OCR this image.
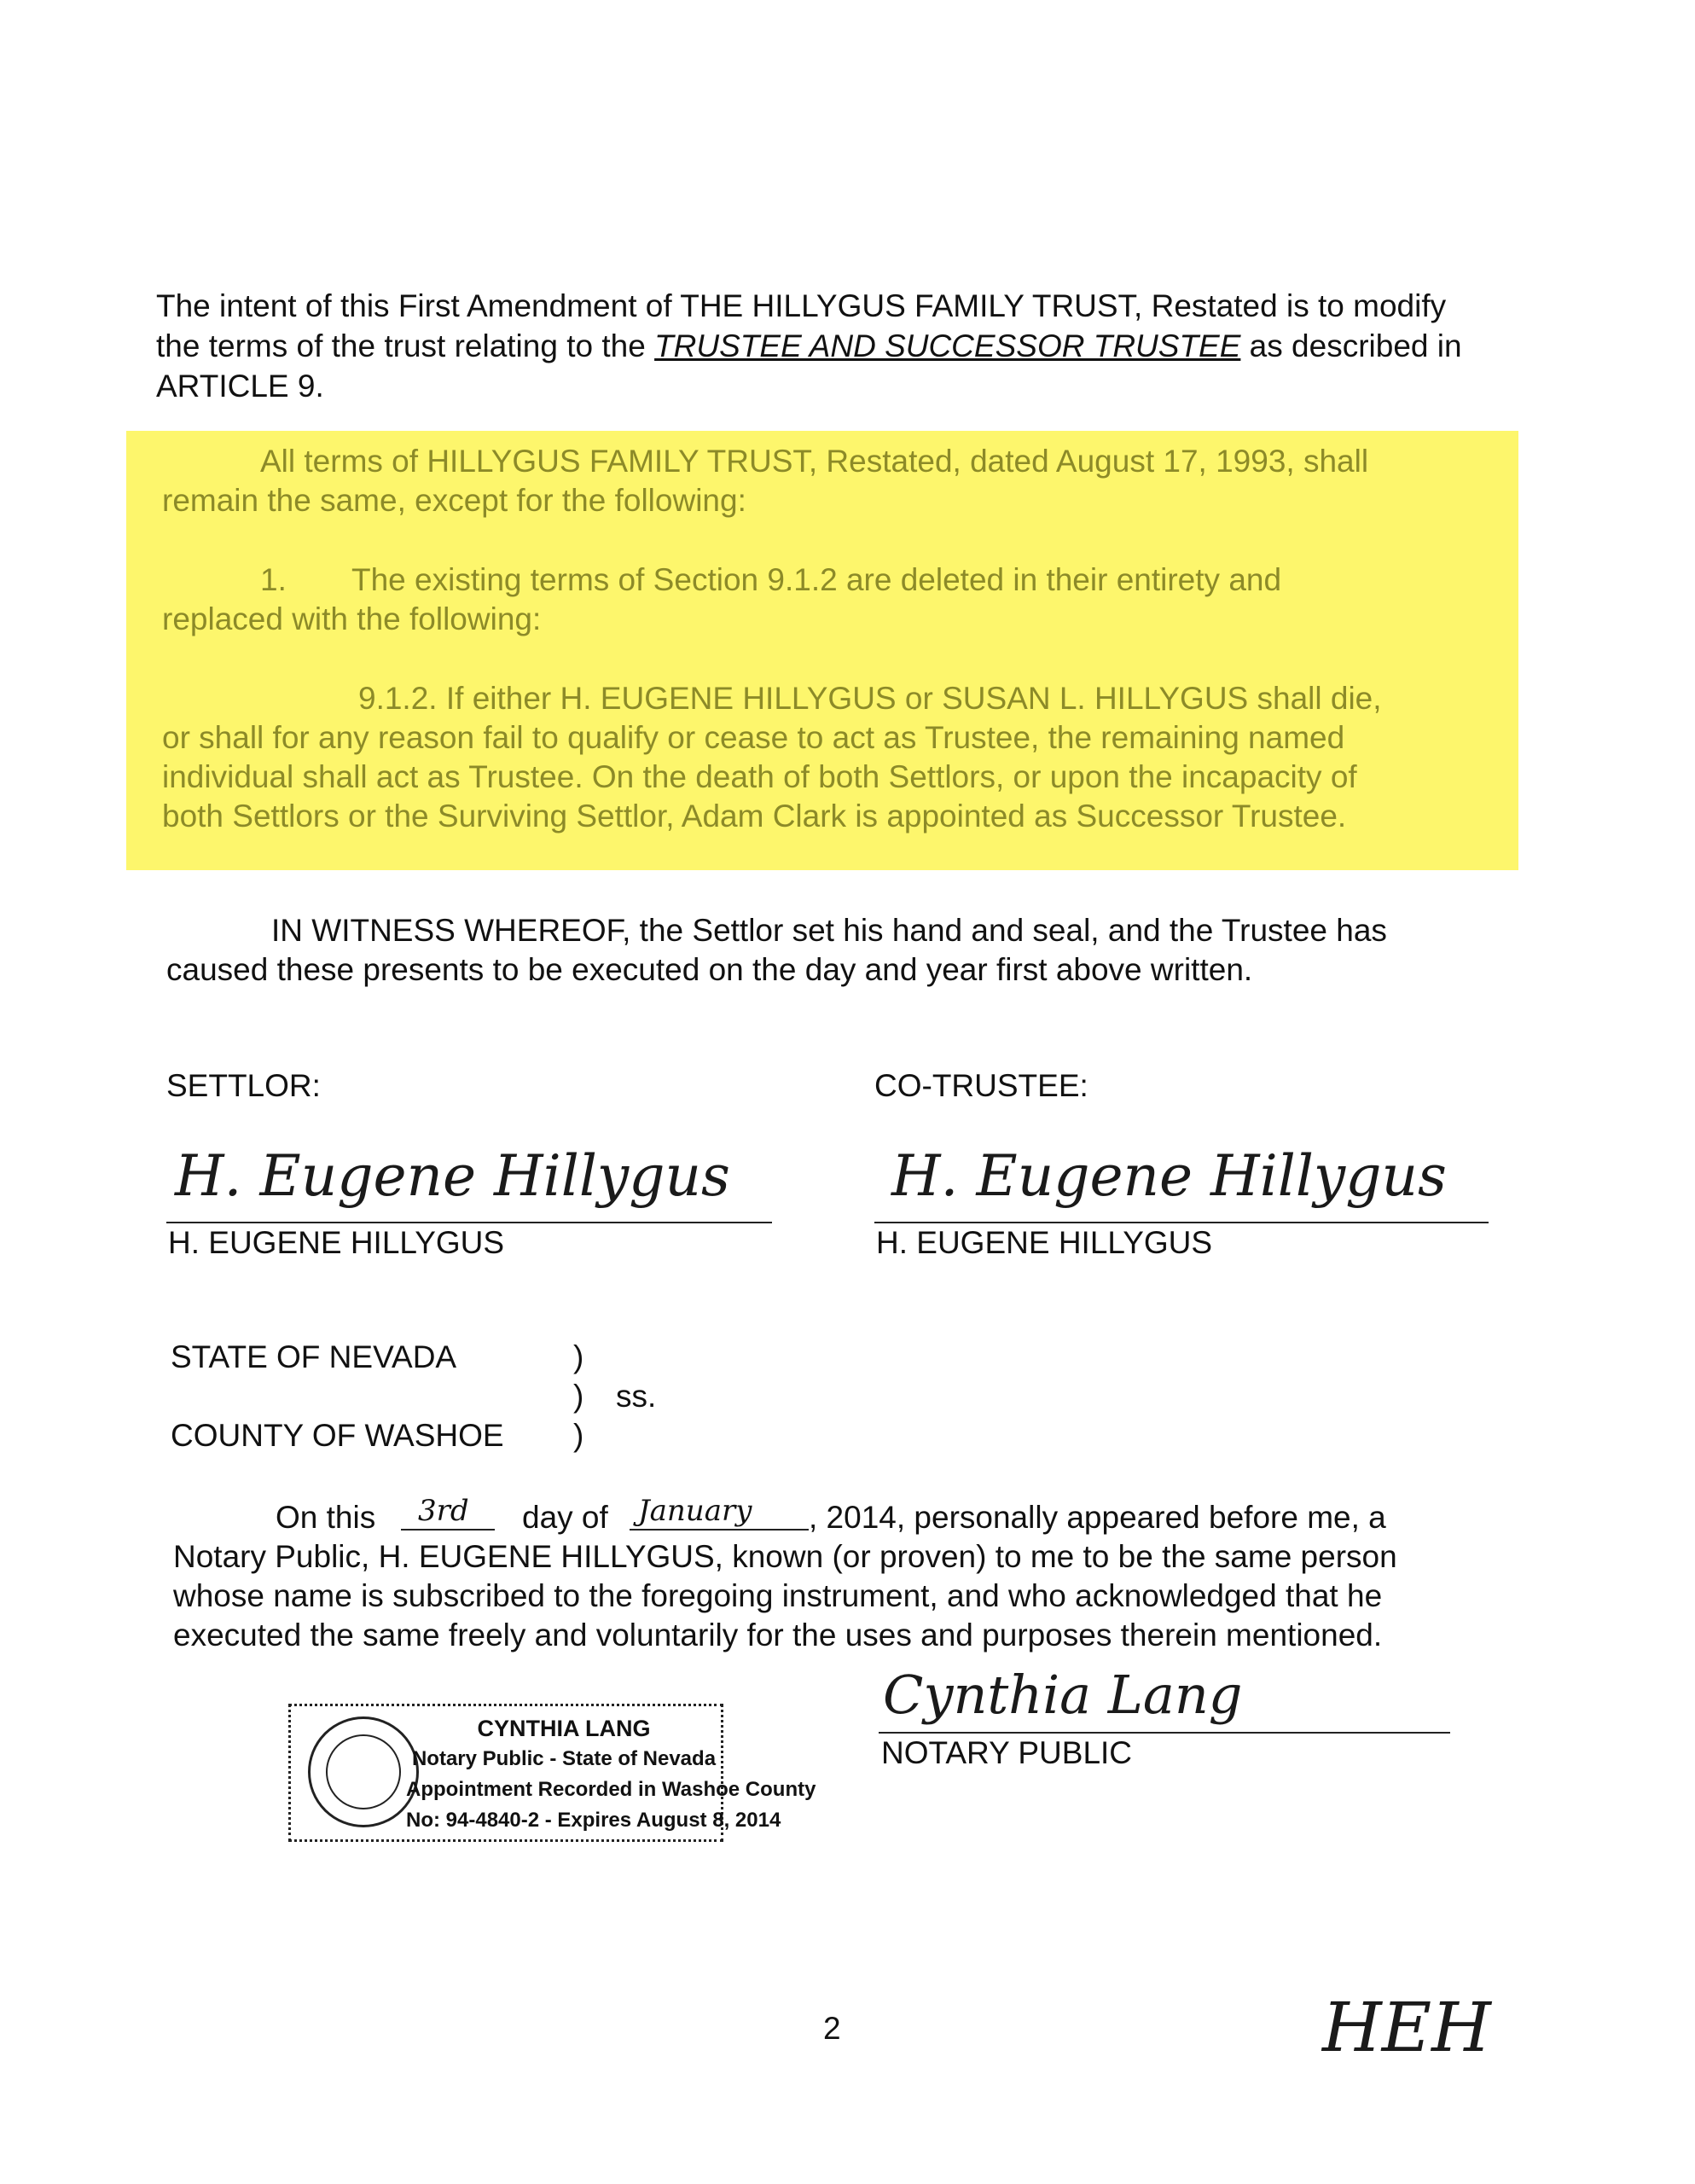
The intent of this First Amendment of THE HILLYGUS FAMILY TRUST, Restated is to modify the terms of the trust relating to the TRUSTEE AND SUCCESSOR TRUSTEE as described in ARTICLE 9.
All terms of HILLYGUS FAMILY TRUST, Restated, dated August 17, 1993, shall
remain the same, except for the following:
1. The existing terms of Section 9.1.2 are deleted in their entirety and
replaced with the following:
9.1.2. If either H. EUGENE HILLYGUS or SUSAN L. HILLYGUS shall die,
or shall for any reason fail to qualify or cease to act as Trustee, the remaining named
individual shall act as Trustee. On the death of both Settlors, or upon the incapacity of
both Settlors or the Surviving Settlor, Adam Clark is appointed as Successor Trustee.
IN WITNESS WHEREOF, the Settlor set his hand and seal, and the Trustee has
caused these presents to be executed on the day and year first above written.
SETTLOR:	CO-TRUSTEE:
H. Eugene Hillygus
H. EUGENE HILLYGUS
H. Eugene Hillygus
H. EUGENE HILLYGUS
STATE OF NEVADA	)
) ss.
COUNTY OF WASHOE )
On this 3rd day of January , 2014, personally appeared before me, a
Notary Public, H. EUGENE HILLYGUS, known (or proven) to me to be the same person
whose name is subscribed to the foregoing instrument, and who acknowledged that he
executed the same freely and voluntarily for the uses and purposes therein mentioned.
CYNTHIA LANG
Notary Public - State of Nevada
Appointment Recorded in Washoe County
No: 94-4840-2 - Expires August 8, 2014
Cynthia Lang
NOTARY PUBLIC
2	HEH
